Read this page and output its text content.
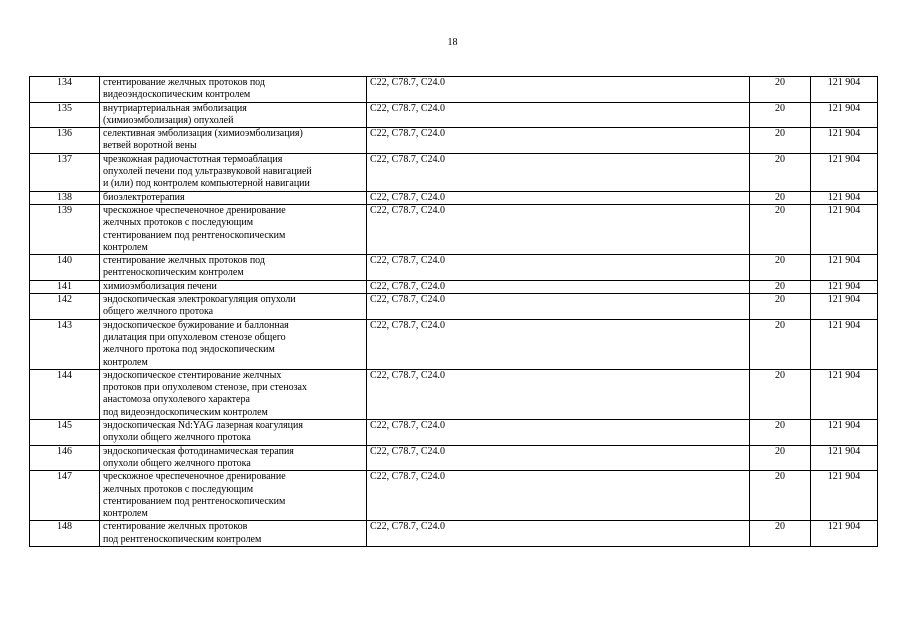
18
134	стентирование желчных протоков под
видеоэндоскопическим контролем	C22, C78.7, C24.0	20	121 904
135	внутриартериальная эмболизация
(химиоэмболизация) опухолей	C22, C78.7, C24.0	20	121 904
136	селективная эмболизация (химиоэмболизация)
ветвей воротной вены	C22, C78.7, C24.0	20	121 904
137	чрезкожная радиочастотная термоаблация
опухолей печени под ультразвуковой навигацией
и (или) под контролем компьютерной навигации	C22, C78.7, C24.0	20	121 904
138	биоэлектротерапия	C22, C78.7, C24.0	20	121 904
139	чрескожное чреспеченочное дренирование
желчных протоков с последующим
стентированием под рентгеноскопическим
контролем	C22, C78.7, C24.0	20	121 904
140	стентирование желчных протоков под
рентгеноскопическим контролем	C22, C78.7, C24.0	20	121 904
141	химиоэмболизация печени	C22, C78.7, C24.0	20	121 904
142	эндоскопическая электрокоагуляция опухоли
общего желчного протока	C22, C78.7, C24.0	20	121 904
143	эндоскопическое бужирование и баллонная
дилатация при опухолевом стенозе общего
желчного протока под эндоскопическим
контролем	C22, C78.7, C24.0	20	121 904
144	эндоскопическое стентирование желчных
протоков при опухолевом стенозе, при стенозах
анастомоза опухолевого характера
под видеоэндоскопическим контролем	C22, C78.7, C24.0	20	121 904
145	эндоскопическая Nd:YAG лазерная коагуляция
опухоли общего желчного протока	C22, C78.7, C24.0	20	121 904
146	эндоскопическая фотодинамическая терапия
опухоли общего желчного протока	C22, C78.7, C24.0	20	121 904
147	чрескожное чреспеченочное дренирование
желчных протоков с последующим
стентированием под рентгеноскопическим
контролем	C22, C78.7, C24.0	20	121 904
148	стентирование желчных протоков
под рентгеноскопическим контролем	C22, C78.7, C24.0	20	121 904
